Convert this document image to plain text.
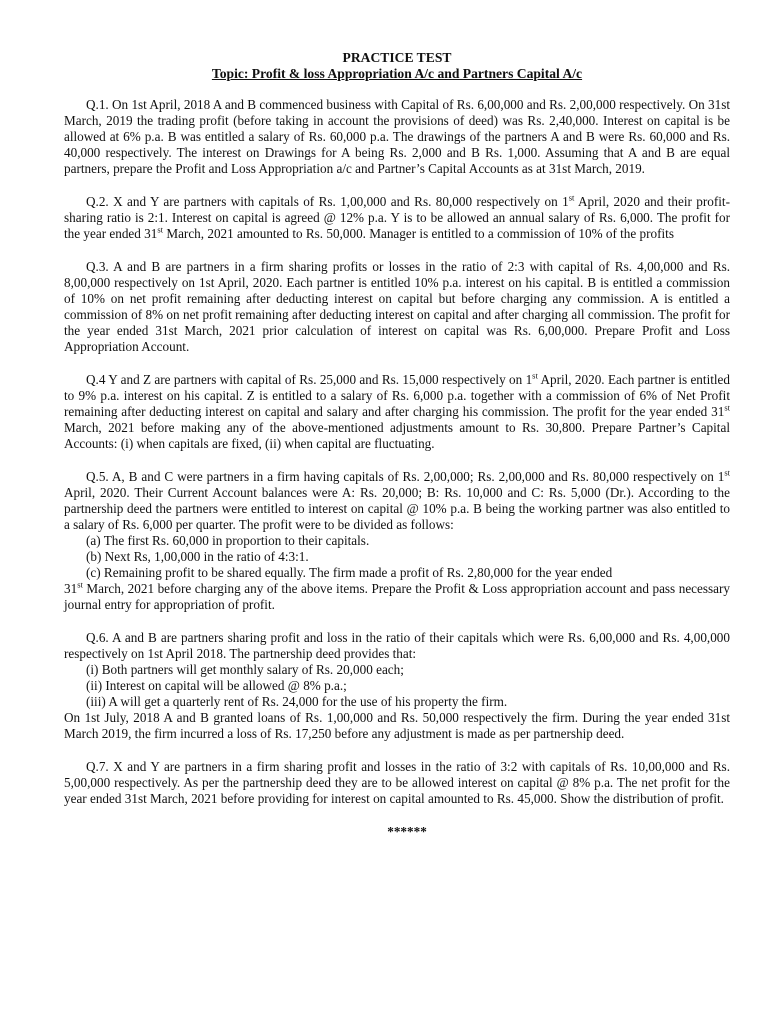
PRACTICE TEST

Topic: Profit & loss Appropriation A/c and Partners Capital A/c

Q.1. On 1st April, 2018 A and B commenced business with Capital of Rs. 6,00,000 and Rs. 2,00,000 respectively. On 31st March, 2019 the trading profit (before taking in account the provisions of deed) was Rs. 2,40,000. Interest on capital is be allowed at 6% p.a. B was entitled a salary of Rs. 60,000 p.a. The drawings of the partners A and B were Rs. 60,000 and Rs. 40,000 respectively. The interest on Drawings for A being Rs. 2,000 and B Rs. 1,000. Assuming that A and B are equal partners, prepare the Profit and Loss Appropriation a/c and Partner’s Capital Accounts as at 31st March, 2019.

Q.2. X and Y are partners with capitals of Rs. 1,00,000 and Rs. 80,000 respectively on 1st April, 2020 and their profit-sharing ratio is 2:1. Interest on capital is agreed @ 12% p.a. Y is to be allowed an annual salary of Rs. 6,000. The profit for the year ended 31st March, 2021 amounted to Rs. 50,000. Manager is entitled to a commission of 10% of the profits

Q.3. A and B are partners in a firm sharing profits or losses in the ratio of 2:3 with capital of Rs. 4,00,000 and Rs. 8,00,000 respectively on 1st April, 2020. Each partner is entitled 10% p.a. interest on his capital. B is entitled a commission of 10% on net profit remaining after deducting interest on capital but before charging any commission. A is entitled a commission of 8% on net profit remaining after deducting interest on capital and after charging all commission. The profit for the year ended 31st March, 2021 prior calculation of interest on capital was Rs. 6,00,000. Prepare Profit and Loss Appropriation Account.

Q.4 Y and Z are partners with capital of Rs. 25,000 and Rs. 15,000 respectively on 1st April, 2020. Each partner is entitled to 9% p.a. interest on his capital. Z is entitled to a salary of Rs. 6,000 p.a. together with a commission of 6% of Net Profit remaining after deducting interest on capital and salary and after charging his commission. The profit for the year ended 31st March, 2021 before making any of the above-mentioned adjustments amount to Rs. 30,800. Prepare Partner’s Capital Accounts: (i) when capitals are fixed, (ii) when capital are fluctuating.

Q.5. A, B and C were partners in a firm having capitals of Rs. 2,00,000; Rs. 2,00,000 and Rs. 80,000 respectively on 1st April, 2020. Their Current Account balances were A: Rs. 20,000; B: Rs. 10,000 and C: Rs. 5,000 (Dr.). According to the partnership deed the partners were entitled to interest on capital @ 10% p.a. B being the working partner was also entitled to a salary of Rs. 6,000 per quarter. The profit were to be divided as follows:

(a) The first Rs. 60,000 in proportion to their capitals.

(b) Next Rs, 1,00,000 in the ratio of 4:3:1.

(c) Remaining profit to be shared equally. The firm made a profit of Rs. 2,80,000 for the year ended

31st March, 2021 before charging any of the above items. Prepare the Profit & Loss appropriation account and pass necessary journal entry for appropriation of profit.

Q.6. A and B are partners sharing profit and loss in the ratio of their capitals which were Rs. 6,00,000 and Rs. 4,00,000 respectively on 1st April 2018. The partnership deed provides that:

(i) Both partners will get monthly salary of Rs. 20,000 each;

(ii) Interest on capital will be allowed @ 8% p.a.;

(iii) A will get a quarterly rent of Rs. 24,000 for the use of his property the firm.

On 1st July, 2018 A and B granted loans of Rs. 1,00,000 and Rs. 50,000 respectively the firm. During the year ended 31st March 2019, the firm incurred a loss of Rs. 17,250 before any adjustment is made as per partnership deed.

Q.7. X and Y are partners in a firm sharing profit and losses in the ratio of 3:2 with capitals of Rs. 10,00,000 and Rs. 5,00,000 respectively. As per the partnership deed they are to be allowed interest on capital @ 8% p.a. The net profit for the year ended 31st March, 2021 before providing for interest on capital amounted to Rs. 45,000. Show the distribution of profit.

******
